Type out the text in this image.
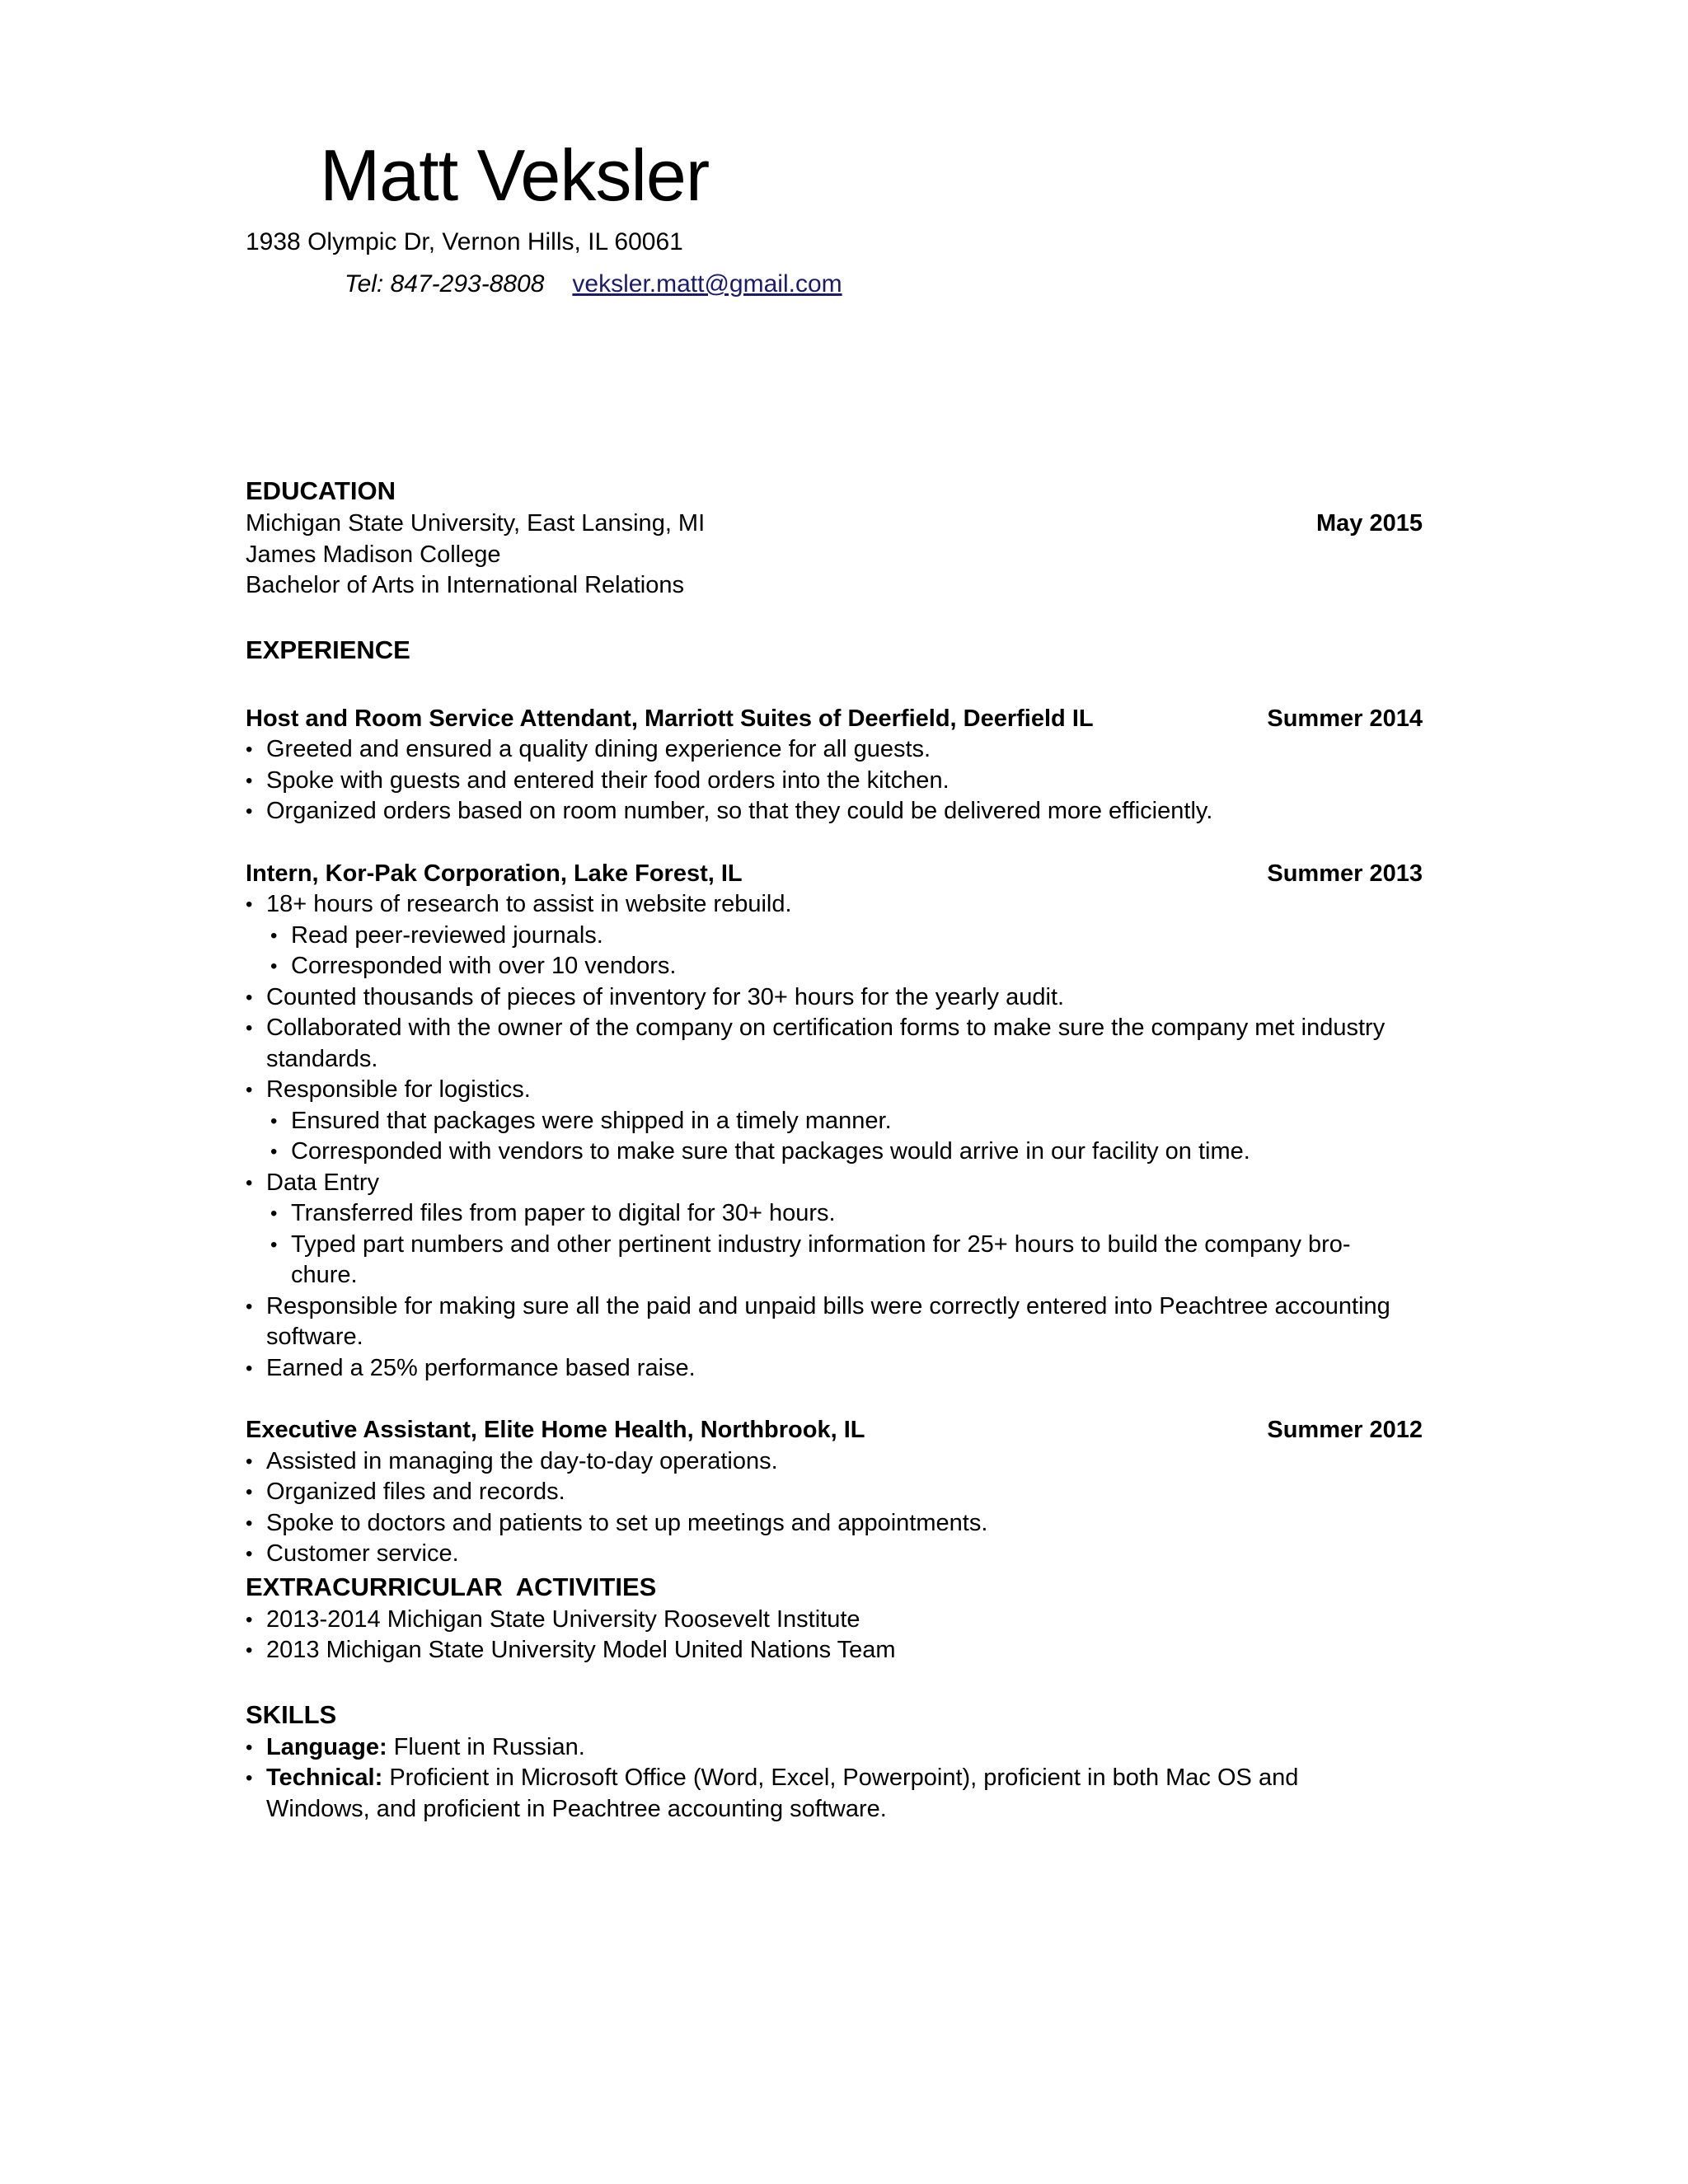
Matt Veksler
1938 Olympic Dr, Vernon Hills, IL 60061
Tel: 847-293-8808 veksler.matt@gmail.com
EDUCATION
Michigan State University, East Lansing, MI	May 2015
James Madison College
Bachelor of Arts in International Relations
EXPERIENCE
Host and Room Service Attendant, Marriott Suites of Deerfield, Deerfield IL	Summer 2014
• Greeted and ensured a quality dining experience for all guests.
• Spoke with guests and entered their food orders into the kitchen.
• Organized orders based on room number, so that they could be delivered more efficiently.
Intern, Kor-Pak Corporation, Lake Forest, IL	Summer 2013
• 18+ hours of research to assist in website rebuild.
• Read peer-reviewed journals.
• Corresponded with over 10 vendors.
• Counted thousands of pieces of inventory for 30+ hours for the yearly audit.
• Collaborated with the owner of the company on certification forms to make sure the company met industry
standards.
• Responsible for logistics.
• Ensured that packages were shipped in a timely manner.
• Corresponded with vendors to make sure that packages would arrive in our facility on time.
• Data Entry
• Transferred files from paper to digital for 30+ hours.
• Typed part numbers and other pertinent industry information for 25+ hours to build the company bro-
chure.
• Responsible for making sure all the paid and unpaid bills were correctly entered into Peachtree accounting
software.
• Earned a 25% performance based raise.
Executive Assistant, Elite Home Health, Northbrook, IL	Summer 2012
• Assisted in managing the day-to-day operations.
• Organized files and records.
• Spoke to doctors and patients to set up meetings and appointments.
• Customer service.
EXTRACURRICULAR  ACTIVITIES
• 2013-2014 Michigan State University Roosevelt Institute
• 2013 Michigan State University Model United Nations Team
SKILLS
• Language: Fluent in Russian.
• Technical: Proficient in Microsoft Office (Word, Excel, Powerpoint), proficient in both Mac OS and
Windows, and proficient in Peachtree accounting software.
